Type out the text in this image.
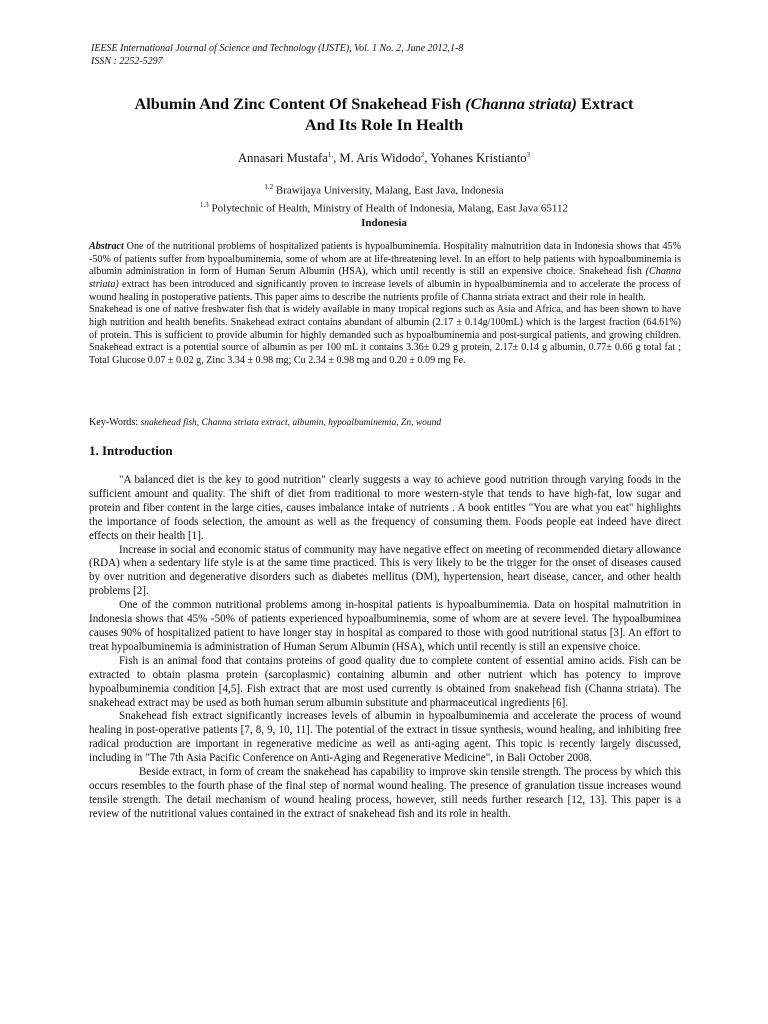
IEESE International Journal of Science and Technology (IJSTE), Vol. 1 No. 2, June 2012,1-8
ISSN : 2252-5297
Albumin And Zinc Content Of Snakehead Fish (Channa striata) Extract
And Its Role In Health
Annasari Mustafa$^{1,}$, M. Aris Widodo$^2$, Yohanes Kristianto$^3$
$^{1.2}$ Brawijaya University, Malang, East Java, Indonesia
$^{1.3}$ Polytechnic of Health, Ministry of Health of Indonesia, Malang, East Java 65112
Indonesia

Abstract One of the nutritional problems of hospitalized patients is hypoalbuminemia. Hospitality malnutrition data in Indonesia shows that 45% -50% of patients suffer from hypoalbuminemia, some of whom are at life-threatening level. In an effort to help patients with hypoalbuminemia is albumin administration in form of Human Serum Albumin (HSA), which until recently is still an expensive choice. Snakehead fish (Channa striata) extract has been introduced and significantly proven to increase levels of albumin in hypoalbuminemia and to accelerate the process of wound healing in postoperative patients. This paper aims to describe the nutrients profile of Channa striata extract and their role in health.

Snakehead is one of native freshwater fish that is widely available in many tropical regions such as Asia and Africa, and has been shown to have high nutrition and health benefits. Snakehead extract contains abundant of albumin (2.17 ± 0.14g/100mL) which is the largest fraction (64.61%) of protein. This is sufficient to provide albumin for highly demanded such as hypoalbuminemia and post-surgical patients, and growing children. Snakehead extract is a potential source of albumin as per 100 mL it contains 3.36± 0.29 g protein, 2.17± 0.14 g albumin, 0.77± 0.66 g total fat ; Total Glucose 0.07 ± 0.02 g, Zinc 3.34 ± 0.98 mg; Cu 2.34 ± 0.98 mg and 0.20 ± 0.09 mg Fe.

Key-Words: snakehead fish, Channa striata extract, albumin, hypoalbuminemia, Zn, wound
1. Introduction

"A balanced diet is the key to good nutrition" clearly suggests a way to achieve good nutrition through varying foods in the sufficient amount and quality. The shift of diet from traditional to more western-style that tends to have high-fat, low sugar and protein and fiber content in the large cities, causes imbalance intake of nutrients . A book entitles "You are what you eat" highlights the importance of foods selection, the amount as well as the frequency of consuming them. Foods people eat indeed have direct effects on their health [1].

Increase in social and economic status of community may have negative effect on meeting of recommended dietary allowance (RDA) when a sedentary life style is at the same time practiced. This is very likely to be the trigger for the onset of diseases caused by over nutrition and degenerative disorders such as diabetes mellitus (DM), hypertension, heart disease, cancer, and other health problems [2].

One of the common nutritional problems among in-hospital patients is hypoalbuminemia. Data on hospital malnutrition in Indonesia shows that 45% -50% of patients experienced hypoalbuminemia, some of whom are at severe level. The hypoalbuminea causes 90% of hospitalized patient to have longer stay in hospital as compared to those with good nutritional status [3]. An effort to treat hypoalbuminemia is administration of Human Serum Albumin (HSA), which until recently is still an expensive choice.

Fish is an animal food that contains proteins of good quality due to complete content of essential amino acids. Fish can be extracted to obtain plasma protein (sarcoplasmic) containing albumin and other nutrient which has potency to improve hypoalbuminemia condition [4,5]. Fish extract that are most used currently is obtained from snakehead fish (Channa striata). The snakehead extract may be used as both human serum albumin substitute and pharmaceutical ingredients [6].

Snakehead fish extract significantly increases levels of albumin in hypoalbuminemia and accelerate the process of wound healing in post-operative patients [7, 8, 9, 10, 11]. The potential of the extract in tissue synthesis, wound healing, and inhibiting free radical production are important in regenerative medicine as well as anti-aging agent. This topic is recently largely discussed, including in "The 7th Asia Pacific Conference on Anti-Aging and Regenerative Medicine", in Bali October 2008.

Beside extract, in form of cream the snakehead has capability to improve skin tensile strength. The process by which this occurs resembles to the fourth phase of the final step of normal wound healing. The presence of granulation tissue increases wound tensile strength. The detail mechanism of wound healing process, however, still needs further research [12, 13]. This paper is a review of the nutritional values contained in the extract of snakehead fish and its role in health.
